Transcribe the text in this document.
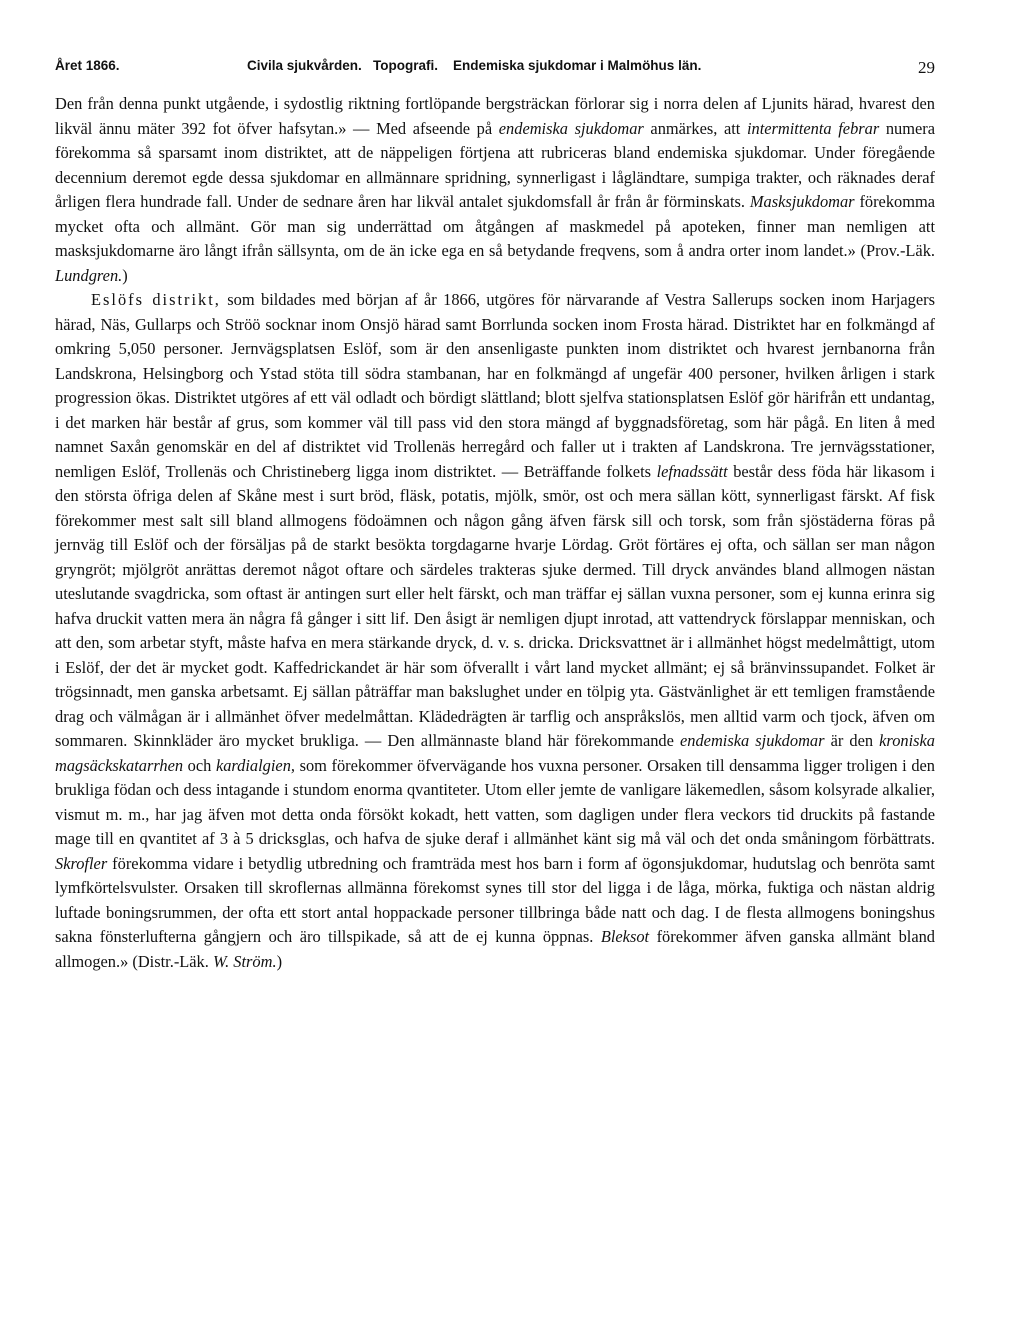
Året 1866.	Civila sjukvården. Topografi. Endemiska sjukdomar i Malmöhus län.	29

Den från denna punkt utgående, i sydostlig riktning fortlöpande bergsträckan förlorar sig i norra delen af Ljunits härad, hvarest den likväl ännu mäter 392 fot öfver hafsytan.» — Med afseende på endemiska sjukdomar anmärkes, att intermittenta febrar numera förekomma så sparsamt inom distriktet, att de näppeligen förtjena att rubriceras bland endemiska sjukdomar. Under föregående decennium deremot egde dessa sjukdomar en allmännare spridning, synnerligast i lågländtare, sumpiga trakter, och räknades deraf årligen flera hundrade fall. Under de sednare åren har likväl antalet sjukdomsfall år från år förminskats. Masksjukdomar förekomma mycket ofta och allmänt. Gör man sig underrättad om åtgången af maskmedel på apoteken, finner man nemligen att masksjukdomarne äro långt ifrån sällsynta, om de än icke ega en så betydande freqvens, som å andra orter inom landet.» (Prov.-Läk. Lundgren.)

Eslöfs distrikt, som bildades med början af år 1866, utgöres för närvarande af Vestra Sallerups socken inom Harjagers härad, Näs, Gullarps och Ströö socknar inom Onsjö härad samt Borrlunda socken inom Frosta härad. Distriktet har en folkmängd af omkring 5,050 personer. Jernvägsplatsen Eslöf, som är den ansenligaste punkten inom distriktet och hvarest jernbanorna från Landskrona, Helsingborg och Ystad stöta till södra stambanan, har en folkmängd af ungefär 400 personer, hvilken årligen i stark progression ökas. Distriktet utgöres af ett väl odladt och bördigt slättland; blott sjelfva stationsplatsen Eslöf gör härifrån ett undantag, i det marken här består af grus, som kommer väl till pass vid den stora mängd af byggnadsföretag, som här pågå. En liten å med namnet Saxån genomskär en del af distriktet vid Trollenäs herregård och faller ut i trakten af Landskrona. Tre jernvägsstationer, nemligen Eslöf, Trollenäs och Christineberg ligga inom distriktet. — Beträffande folkets lefnadssätt består dess föda här likasom i den största öfriga delen af Skåne mest i surt bröd, fläsk, potatis, mjölk, smör, ost och mera sällan kött, synnerligast färskt. Af fisk förekommer mest salt sill bland allmogens födoämnen och någon gång äfven färsk sill och torsk, som från sjöstäderna föras på jernväg till Eslöf och der försäljas på de starkt besökta torgdagarne hvarje Lördag. Gröt förtäres ej ofta, och sällan ser man någon gryngröt; mjölgröt anrättas deremot något oftare och särdeles trakteras sjuke dermed. Till dryck användes bland allmogen nästan uteslutande svagdricka, som oftast är antingen surt eller helt färskt, och man träffar ej sällan vuxna personer, som ej kunna erinra sig hafva druckit vatten mera än några få gånger i sitt lif. Den åsigt är nemligen djupt inrotad, att vattendryck förslappar menniskan, och att den, som arbetar styft, måste hafva en mera stärkande dryck, d. v. s. dricka. Dricksvattnet är i allmänhet högst medelmåttigt, utom i Eslöf, der det är mycket godt. Kaffedrickandet är här som öfverallt i vårt land mycket allmänt; ej så bränvinssupandet. Folket är trögsinnadt, men ganska arbetsamt. Ej sällan påträffar man bakslughet under en tölpig yta. Gästvänlighet är ett temligen framstående drag och välmågan är i allmänhet öfver medelmåttan. Klädedrägten är tarflig och anspråkslös, men alltid varm och tjock, äfven om sommaren. Skinnkläder äro mycket brukliga. — Den allmännaste bland här förekommande endemiska sjukdomar är den kroniska magsäckskatarrhen och kardialgien, som förekommer öfvervägande hos vuxna personer. Orsaken till densamma ligger troligen i den brukliga födan och dess intagande i stundom enorma qvantiteter. Utom eller jemte de vanligare läkemedlen, såsom kolsyrade alkalier, vismut m. m., har jag äfven mot detta onda försökt kokadt, hett vatten, som dagligen under flera veckors tid druckits på fastande mage till en qvantitet af 3 à 5 dricksglas, och hafva de sjuke deraf i allmänhet känt sig må väl och det onda småningom förbättrats. Skrofler förekomma vidare i betydlig utbredning och framträda mest hos barn i form af ögonsjukdomar, hudutslag och benröta samt lymfkörtelsvulster. Orsaken till skroflernas allmänna förekomst synes till stor del ligga i de låga, mörka, fuktiga och nästan aldrig luftade boningsrummen, der ofta ett stort antal hoppackade personer tillbringa både natt och dag. I de flesta allmogens boningshus sakna fönsterlufterna gångjern och äro tillspikade, så att de ej kunna öppnas. Bleksot förekommer äfven ganska allmänt bland allmogen.» (Distr.-Läk. W. Ström.)
